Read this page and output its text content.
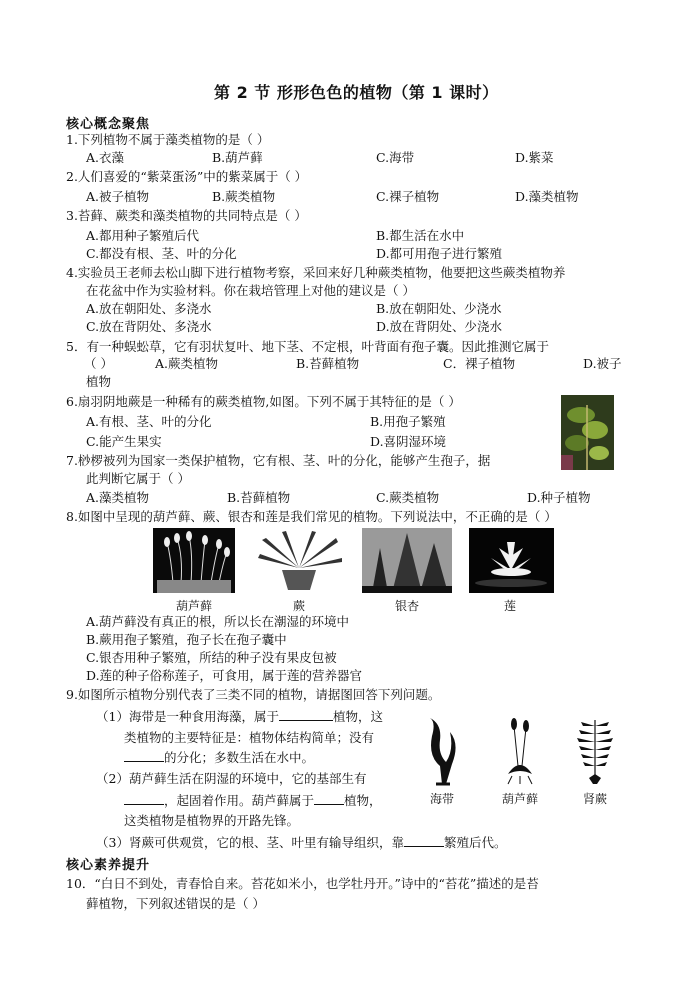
第 2 节 形形色色的植物（第 1 课时）
核心概念聚焦
1.下列植物不属于藻类植物的是（ ）
A.衣藻	B.葫芦藓	C.海带	D.紫菜
2.人们喜爱的“紫菜蛋汤”中的紫菜属于（ ）
A.被子植物	B.蕨类植物	C.裸子植物	D.藻类植物
3.苔藓、蕨类和藻类植物的共同特点是（ ）
A.都用种子繁殖后代	B.都生活在水中
C.都没有根、茎、叶的分化	D.都可用孢子进行繁殖
4.实验员王老师去松山脚下进行植物考察，采回来好几种蕨类植物，他要把这些蕨类植物养
在花盆中作为实验材料。你在栽培管理上对他的建议是（ ）
A.放在朝阳处、多浇水	B.放在朝阳处、少浇水
C.放在背阴处、多浇水	D.放在背阴处、少浇水
5．有一种蜈蚣草，它有羽状复叶、地下茎、不定根，叶背面有孢子囊。因此推测它属于
（ ）	A.蕨类植物	B.苔藓植物	C．裸子植物	D.被子
植物
6.扇羽阴地蕨是一种稀有的蕨类植物,如图。下列不属于其特征的是（ ）
A.有根、茎、叶的分化	B.用孢子繁殖
C.能产生果实	D.喜阴湿环境
7.桫椤被列为国家一类保护植物，它有根、茎、叶的分化，能够产生孢子，据
此判断它属于（ ）
A.藻类植物	B.苔藓植物	C.蕨类植物	D.种子植物
8.如图中呈现的葫芦藓、蕨、银杏和莲是我们常见的植物。下列说法中，不正确的是（ ）
葫芦藓	蕨	银杏	莲
A.葫芦藓没有真正的根，所以长在潮湿的环境中
B.蕨用孢子繁殖，孢子长在孢子囊中
C.银杏用种子繁殖，所结的种子没有果皮包被
D.莲的种子俗称莲子，可食用，属于莲的营养器官
9.如图所示植物分别代表了三类不同的植物，请据图回答下列问题。
（1）海带是一种食用海藻，属于	植物，这
类植物的主要特征是：植物体结构简单；没有
的分化；多数生活在水中。
（2）葫芦藓生活在阴湿的环境中，它的基部生有
，起固着作用。葫芦藓属于 植物，
这类植物是植物界的开路先锋。
（3）肾蕨可供观赏，它的根、茎、叶里有输导组织，靠	繁殖后代。
海带	葫芦藓	肾蕨
核心素养提升
10．“白日不到处，青春恰自来。苔花如米小，也学牡丹开。”诗中的“苔花”描述的是苔
藓植物，下列叙述错误的是（ ）
